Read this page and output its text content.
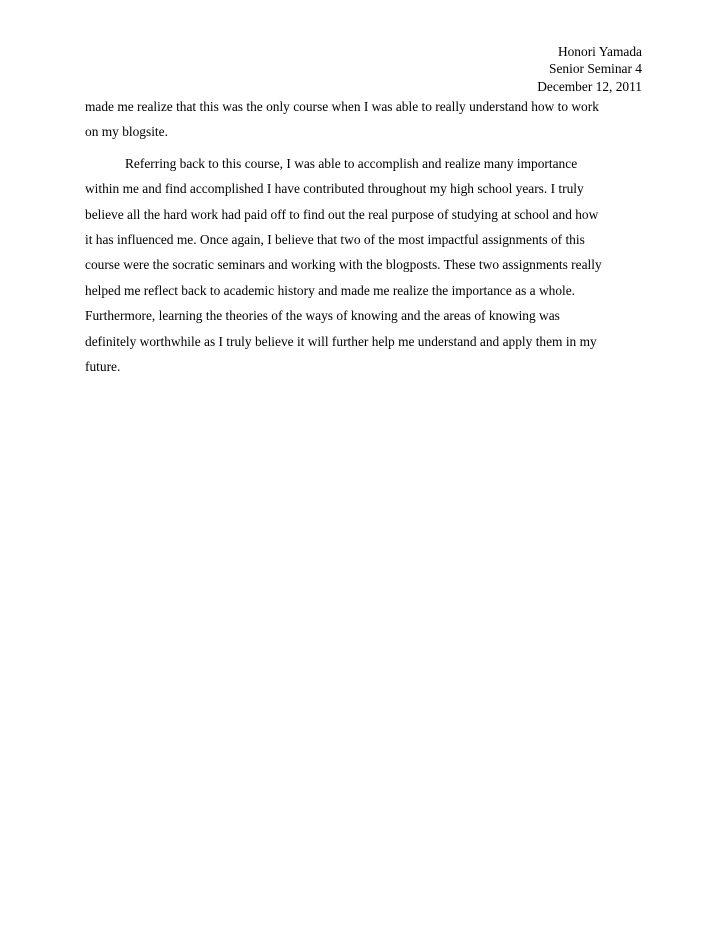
Honori Yamada
Senior Seminar 4
December 12, 2011
made me realize that this was the only course when I was able to really understand how to work
on my blogsite.
Referring back to this course, I was able to accomplish and realize many importance
within me and find accomplished I have contributed throughout my high school years. I truly
believe all the hard work had paid off to find out the real purpose of studying at school and how
it has influenced me. Once again, I believe that two of the most impactful assignments of this
course were the socratic seminars and working with the blogposts. These two assignments really
helped me reflect back to academic history and made me realize the importance as a whole.
Furthermore, learning the theories of the ways of knowing and the areas of knowing was
definitely worthwhile as I truly believe it will further help me understand and apply them in my
future.
